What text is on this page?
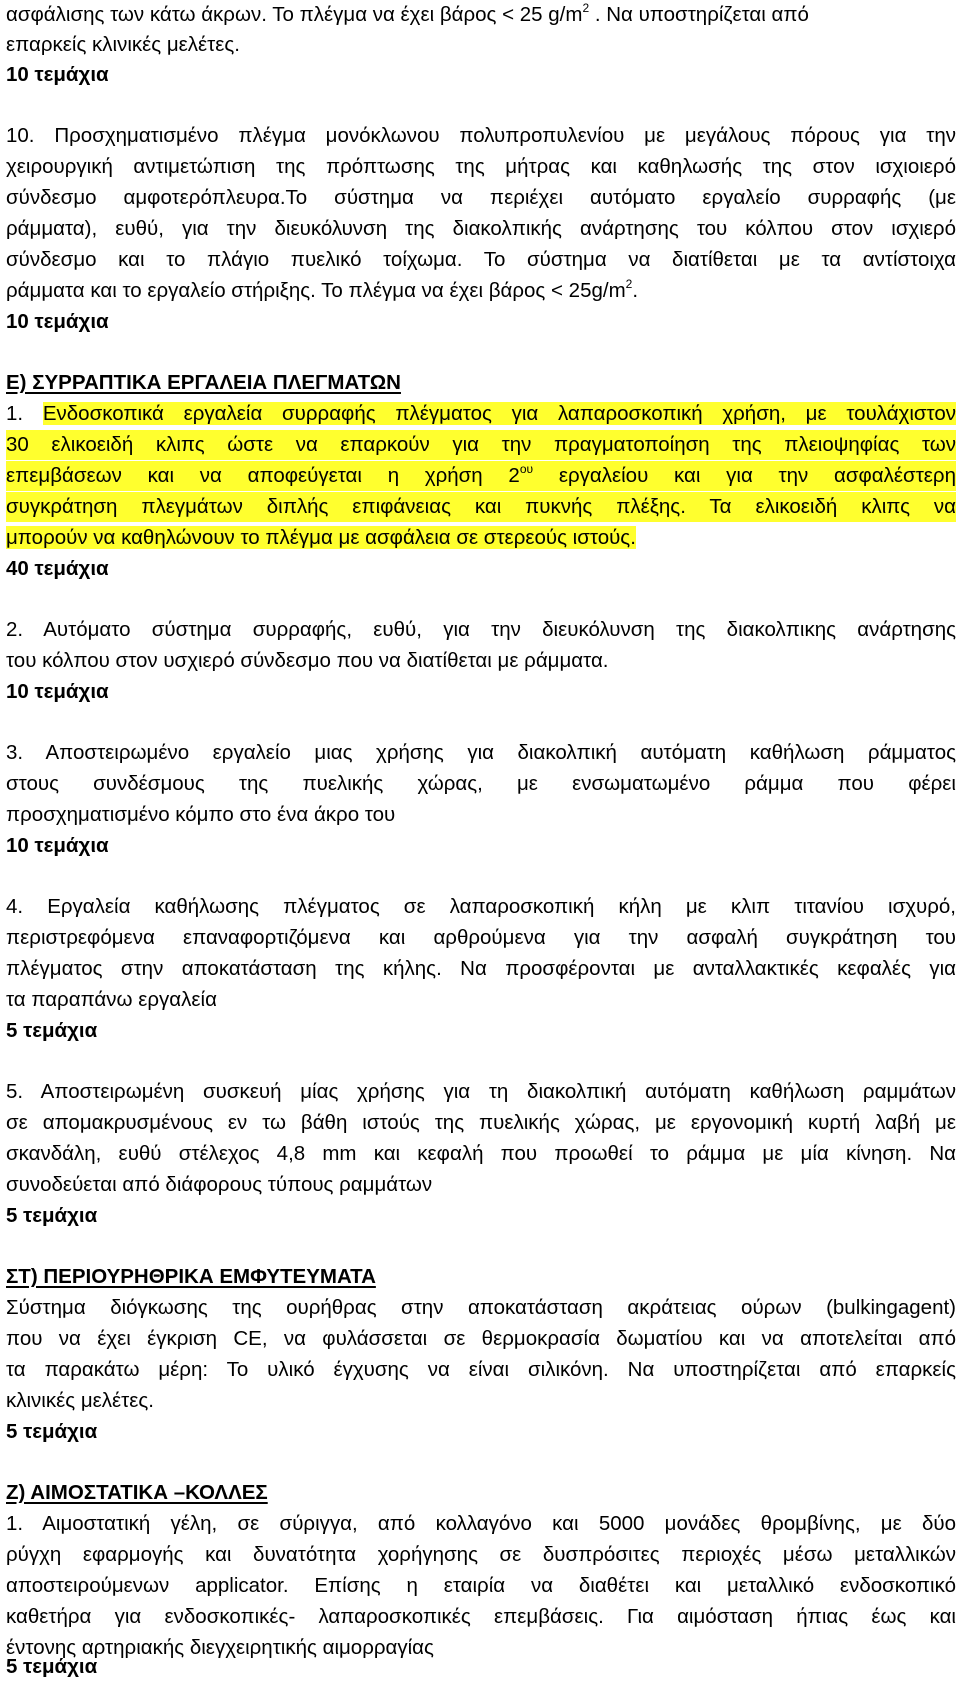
ασφάλισης των κάτω άκρων. Το πλέγμα να έχει βάρος < 25 $g/m^2$ . Να υποστηρίζεται από
επαρκείς κλινικές μελέτες.
10 τεμάχια
10. Προσχηματισμένο πλέγμα μονόκλωνου πολυπροπυλενίου με μεγάλους πόρους για την
χειρουργική αντιμετώπιση της πρόπτωσης της μήτρας και καθηλωσής της στον ισχιοιερό
σύνδεσμο αμφοτερόπλευρα.Το σύστημα να περιέχει αυτόματο εργαλείο συρραφής (με
ράμματα), ευθύ, για την διευκόλυνση της διακολπικής ανάρτησης του κόλπου στον ισχιερό
σύνδεσμο και το πλάγιο πυελικό τοίχωμα. Το σύστημα να διατίθεται με τα αντίστοιχα
ράμματα και το εργαλείο στήριξης. Το πλέγμα να έχει $\beta ά\rho o\varsigma < 25g/m^2$.
10 τεμάχια
Ε) ΣΥΡΡΑΠΤΙΚΑ ΕΡΓΑΛΕΙΑ ΠΛΕΓΜΑΤΩΝ
1. Ενδοσκοπικά εργαλεία συρραφής πλέγματος για λαπαροσκοπική χρήση, με τουλάχιστον
30 ελικοειδή κλιπς ώστε να επαρκούν για την πραγματοποίηση της πλειοψηφίας των
επεμβάσεων και να αποφεύγεται η χρήση $2^{o\upsilon}$ εργαλείου και για την ασφαλέστερη
συγκράτηση πλεγμάτων διπλής επιφάνειας και πυκνής πλέξης. Τα ελικοειδή κλιπς να
μπορούν να καθηλώνουν το πλέγμα με ασφάλεια σε στερεούς ιστούς.
40 τεμάχια
2. Αυτόματο σύστημα συρραφής, ευθύ, για την διευκόλυνση της διακολπικης ανάρτησης
του κόλπου στον υσχιερό σύνδεσμο που να διατίθεται με ράμματα.
10 τεμάχια
3. Αποστειρωμένο εργαλείο μιας χρήσης για διακολπική αυτόματη καθήλωση ράμματος
στους συνδέσμους της πυελικής χώρας, με ενσωματωμένο ράμμα που φέρει
προσχηματισμένο κόμπο στο ένα άκρο του
10 τεμάχια
4. Εργαλεία καθήλωσης πλέγματος σε λαπαροσκοπική κήλη με κλιπ τιτανίου ισχυρό,
περιστρεφόμενα επαναφορτιζόμενα και αρθρούμενα για την ασφαλή συγκράτηση του
πλέγματος στην αποκατάσταση της κήλης. Να προσφέρονται με ανταλλακτικές κεφαλές για
τα παραπάνω εργαλεία
5 τεμάχια
5. Αποστειρωμένη συσκευή μίας χρήσης για τη διακολπική αυτόματη καθήλωση ραμμάτων
σε απομακρυσμένους εν τω βάθη ιστούς της πυελικής χώρας, με εργονομική κυρτή λαβή με
σκανδάλη, ευθύ στέλεχος 4,8 mm και κεφαλή που προωθεί το ράμμα με μία κίνηση. Να
συνοδεύεται από διάφορους τύπους ραμμάτων
5 τεμάχια
ΣΤ) ΠΕΡΙΟΥΡΗΘΡΙΚΑ ΕΜΦΥΤΕΥΜΑΤΑ
Σύστημα διόγκωσης της ουρήθρας στην αποκατάσταση ακράτειας ούρων (bulkingagent)
που να έχει έγκριση CE, να φυλάσσεται σε θερμοκρασία δωματίου και να αποτελείται από
τα παρακάτω μέρη: Το υλικό έγχυσης να είναι σιλικόνη. Να υποστηρίζεται από επαρκείς
κλινικές μελέτες.
5 τεμάχια
Ζ) ΑΙΜΟΣΤΑΤΙΚΑ –ΚΟΛΛΕΣ
1. Αιμοστατική γέλη, σε σύριγγα, από κολλαγόνο και 5000 μονάδες θρομβίνης, με δύο
ρύγχη εφαρμογής και δυνατότητα χορήγησης σε δυσπρόσιτες περιοχές μέσω μεταλλικών
αποστειρούμενων applicator. Επίσης η εταιρία να διαθέτει και μεταλλικό ενδοσκοπικό
καθετήρα για ενδοσκοπικές- λαπαροσκοπικές επεμβάσεις. Για αιμόσταση ήπιας έως και
έντονης αρτηριακής διεγχειρητικής αιμορραγίας
5 τεμάχια
